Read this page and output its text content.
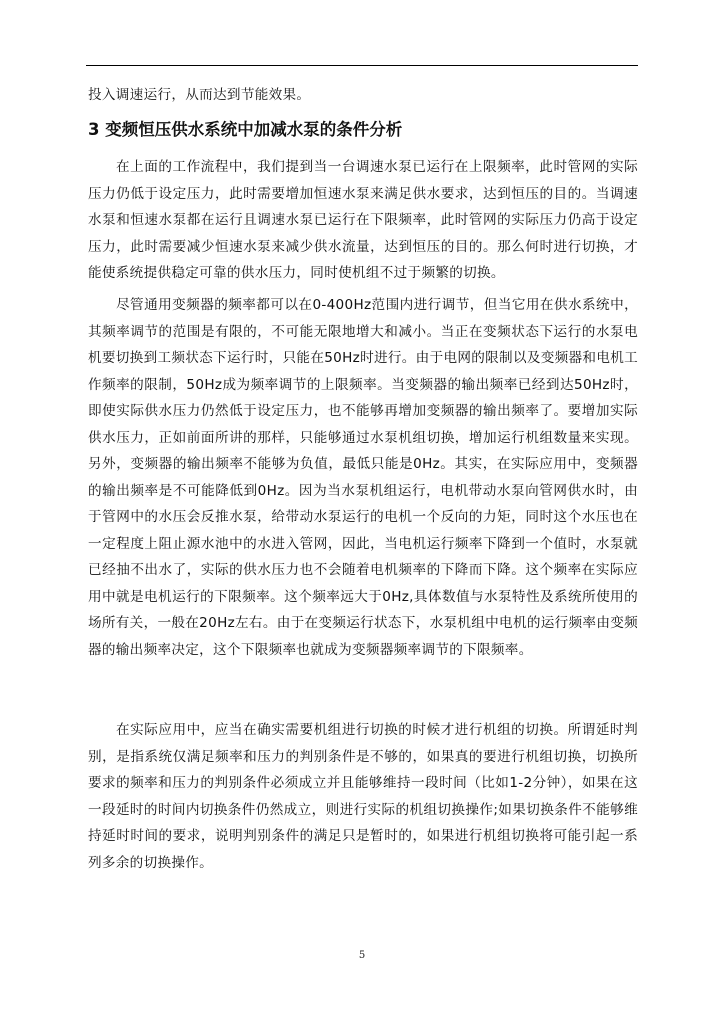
投入调速运行，从而达到节能效果。

3 变频恒压供水系统中加减水泵的条件分析

在上面的工作流程中，我们提到当一台调速水泵已运行在上限频率，此时管网的实际压力仍低于设定压力，此时需要增加恒速水泵来满足供水要求，达到恒压的目的。当调速水泵和恒速水泵都在运行且调速水泵已运行在下限频率，此时管网的实际压力仍高于设定压力，此时需要减少恒速水泵来减少供水流量，达到恒压的目的。那么何时进行切换，才能使系统提供稳定可靠的供水压力，同时使机组不过于频繁的切换。

尽管通用变频器的频率都可以在0-400Hz范围内进行调节，但当它用在供水系统中，其频率调节的范围是有限的，不可能无限地增大和减小。当正在变频状态下运行的水泵电机要切换到工频状态下运行时，只能在50Hz时进行。由于电网的限制以及变频器和电机工作频率的限制，50Hz成为频率调节的上限频率。当变频器的输出频率已经到达50Hz时，即使实际供水压力仍然低于设定压力，也不能够再增加变频器的输出频率了。要增加实际供水压力，正如前面所讲的那样，只能够通过水泵机组切换，增加运行机组数量来实现。另外，变频器的输出频率不能够为负值，最低只能是0Hz。其实，在实际应用中，变频器的输出频率是不可能降低到0Hz。因为当水泵机组运行，电机带动水泵向管网供水时，由于管网中的水压会反推水泵，给带动水泵运行的电机一个反向的力矩，同时这个水压也在一定程度上阻止源水池中的水进入管网，因此，当电机运行频率下降到一个值时，水泵就已经抽不出水了，实际的供水压力也不会随着电机频率的下降而下降。这个频率在实际应用中就是电机运行的下限频率。这个频率远大于0Hz,具体数值与水泵特性及系统所使用的场所有关，一般在20Hz左右。由于在变频运行状态下，水泵机组中电机的运行频率由变频器的输出频率决定，这个下限频率也就成为变频器频率调节的下限频率。

在实际应用中，应当在确实需要机组进行切换的时候才进行机组的切换。所谓延时判别，是指系统仅满足频率和压力的判别条件是不够的，如果真的要进行机组切换，切换所要求的频率和压力的判别条件必须成立并且能够维持一段时间（比如1-2分钟），如果在这一段延时的时间内切换条件仍然成立，则进行实际的机组切换操作;如果切换条件不能够维持延时时间的要求，说明判别条件的满足只是暂时的，如果进行机组切换将可能引起一系列多余的切换操作。

5
